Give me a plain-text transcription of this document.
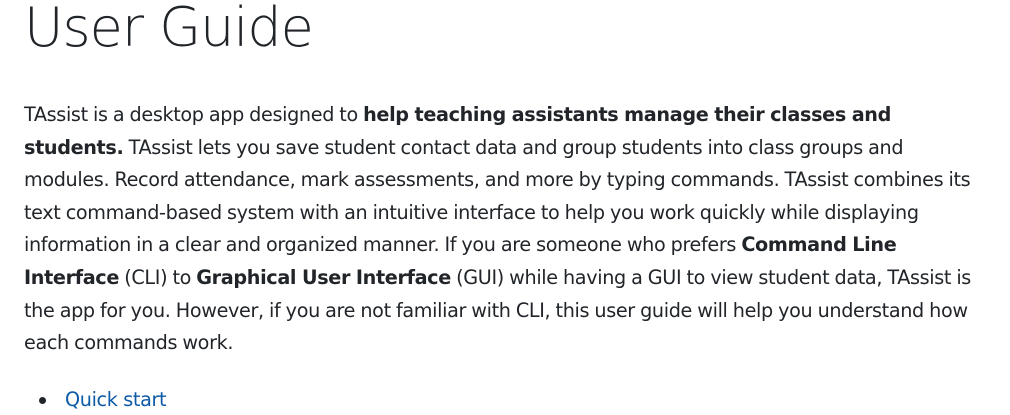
User Guide

TAssist is a desktop app designed to help teaching assistants manage their classes and students. TAssist lets you save student contact data and group students into class groups and modules. Record attendance, mark assessments, and more by typing commands. TAssist combines its text command-based system with an intuitive interface to help you work quickly while displaying information in a clear and organized manner. If you are someone who prefers Command Line Interface (CLI) to Graphical User Interface (GUI) while having a GUI to view student data, TAssist is the app for you. However, if you are not familiar with CLI, this user guide will help you understand how each commands work.

Quick start
